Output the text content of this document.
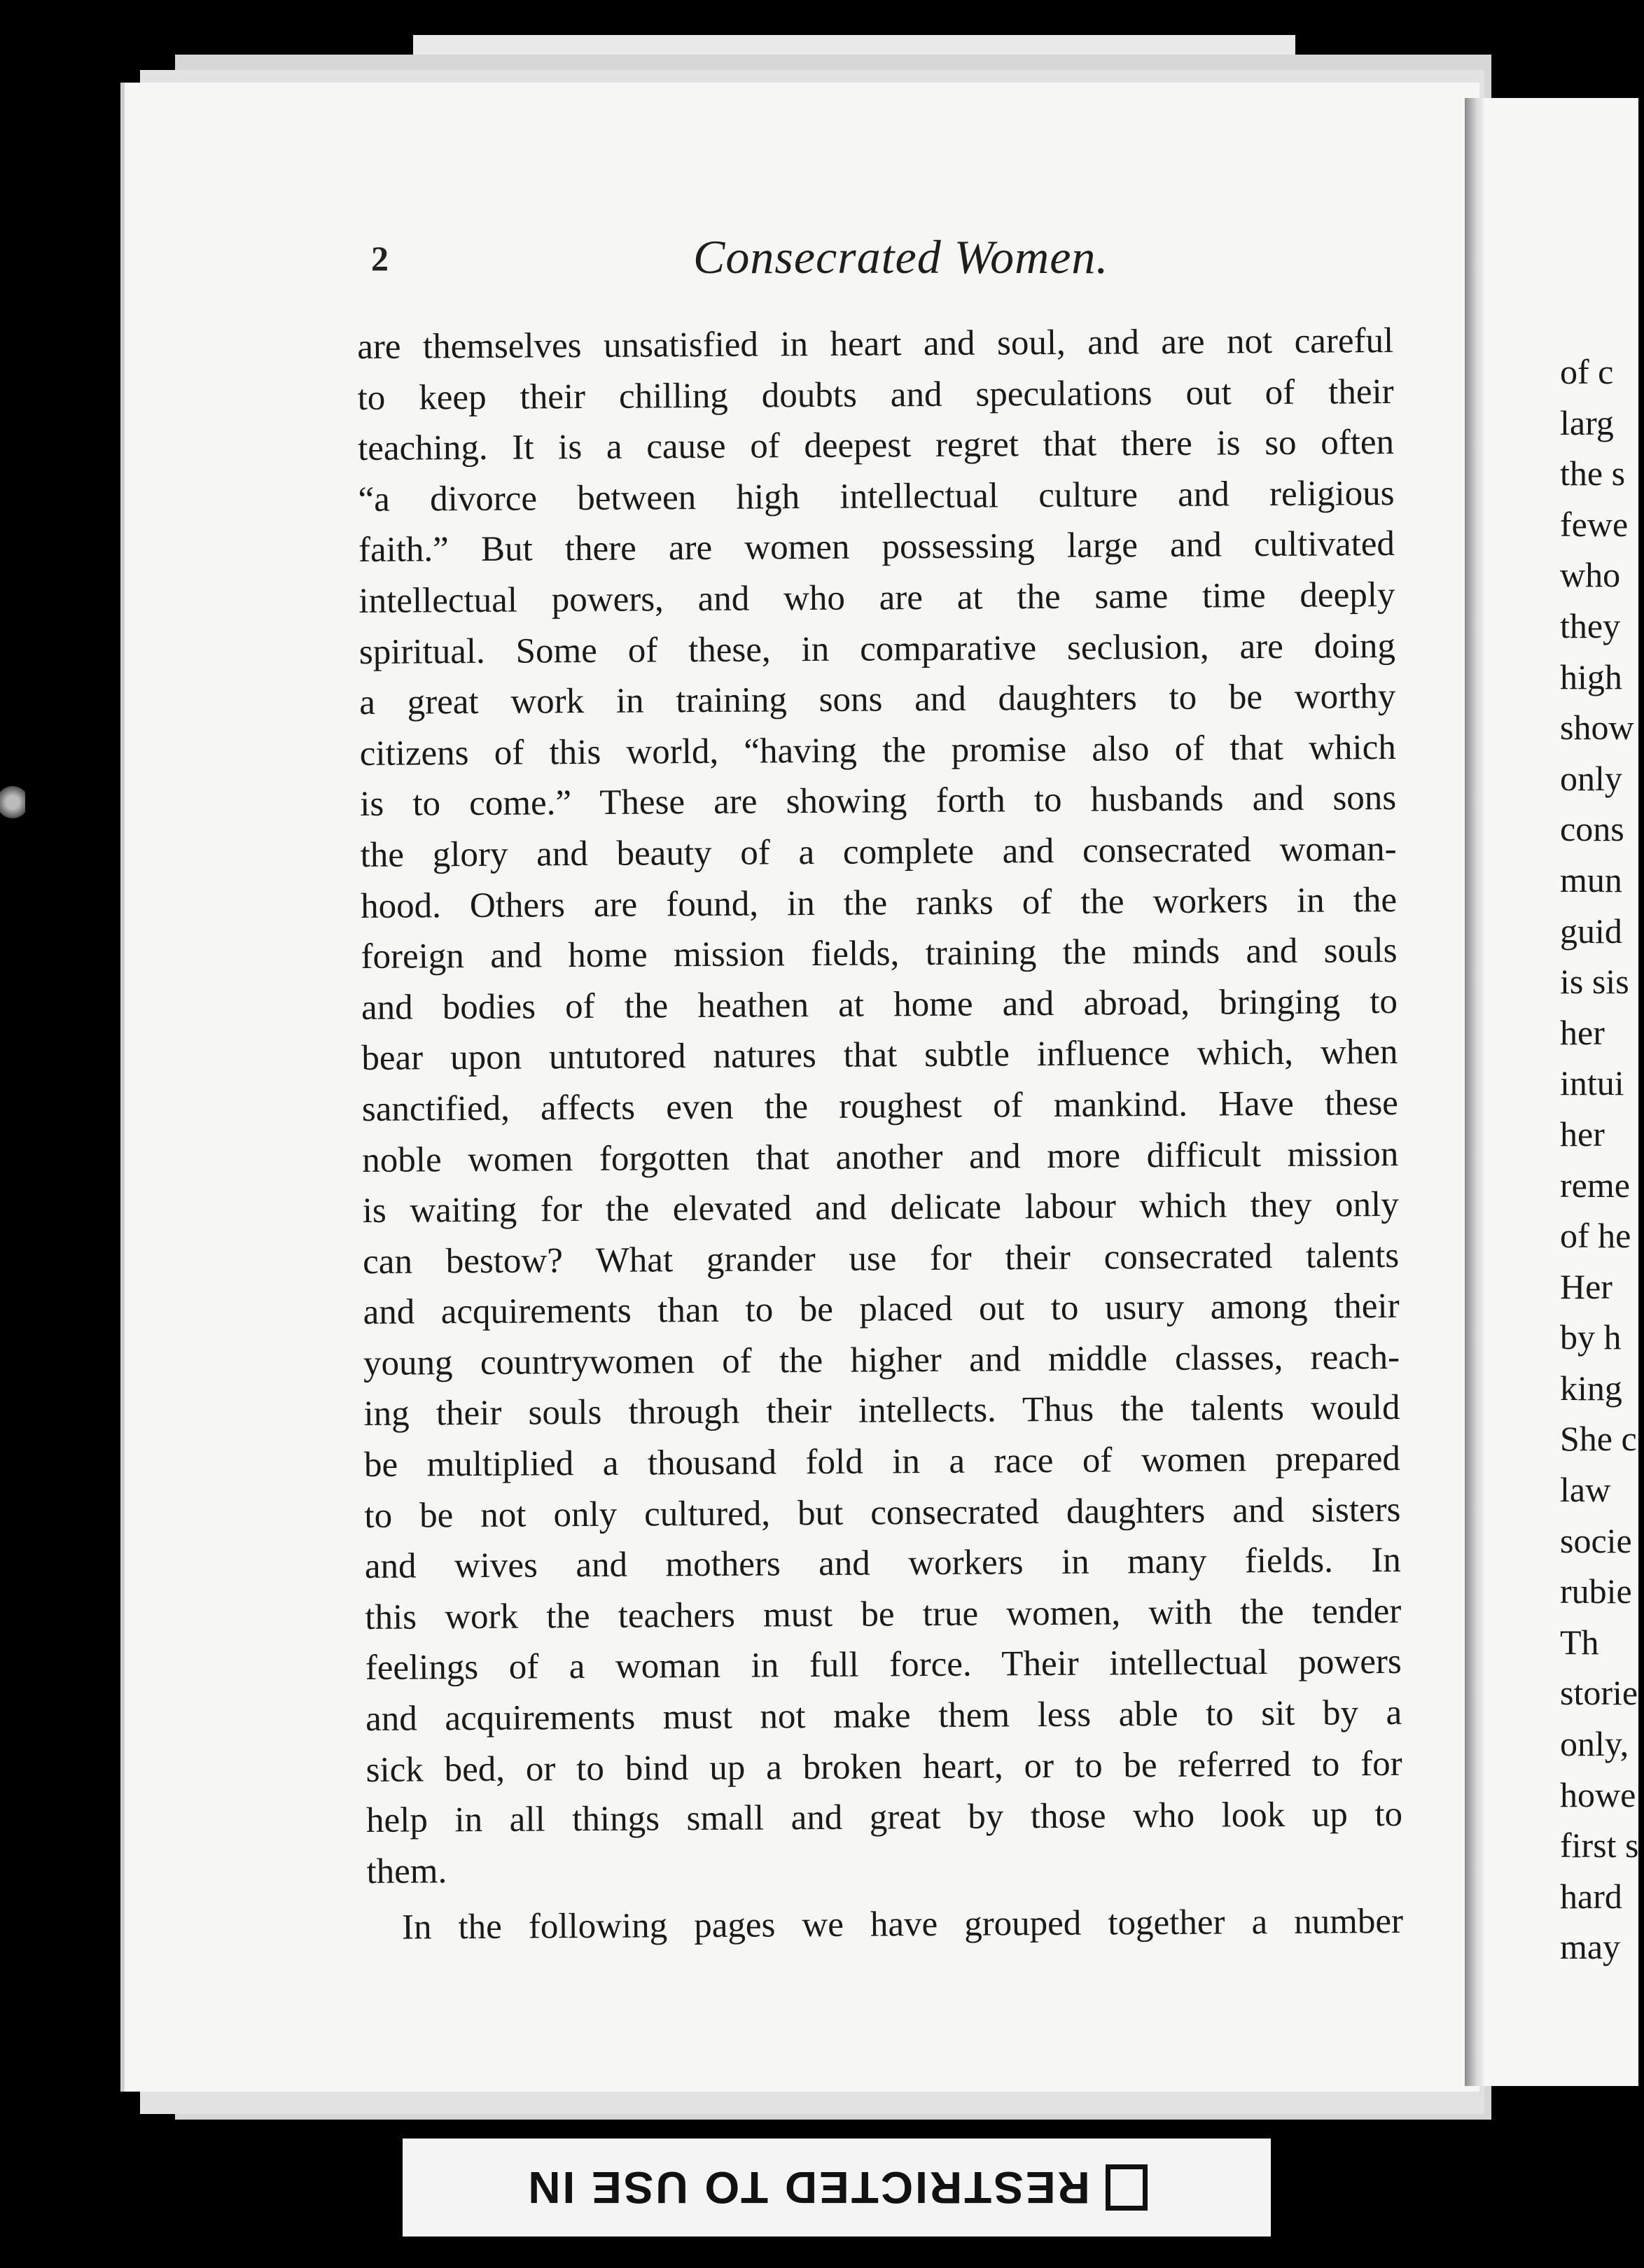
2	Consecrated Women.
are themselves unsatisfied in heart and soul, and are not careful
to keep their chilling doubts and speculations out of their
teaching. It is a cause of deepest regret that there is so often
“a divorce between high intellectual culture and religious
faith.” But there are women possessing large and cultivated
intellectual powers, and who are at the same time deeply
spiritual. Some of these, in comparative seclusion, are doing
a great work in training sons and daughters to be worthy
citizens of this world, “having the promise also of that which
is to come.” These are showing forth to husbands and sons
the glory and beauty of a complete and consecrated woman-
hood. Others are found, in the ranks of the workers in the
foreign and home mission fields, training the minds and souls
and bodies of the heathen at home and abroad, bringing to
bear upon untutored natures that subtle influence which, when
sanctified, affects even the roughest of mankind. Have these
noble women forgotten that another and more difficult mission
is waiting for the elevated and delicate labour which they only
can bestow? What grander use for their consecrated talents
and acquirements than to be placed out to usury among their
young countrywomen of the higher and middle classes, reach-
ing their souls through their intellects. Thus the talents would
be multiplied a thousand fold in a race of women prepared
to be not only cultured, but consecrated daughters and sisters
and wives and mothers and workers in many fields. In
this work the teachers must be true women, with the tender
feelings of a woman in full force. Their intellectual powers
and acquirements must not make them less able to sit by a
sick bed, or to bind up a broken heart, or to be referred to for
help in all things small and great by those who look up to
them.
In the following pages we have grouped together a number
of c
larg
the s
fewe
who
they
high
show
only
cons
mun
guid
is sis
her
intui
her
reme
of he
Her
by h
king
She c
law
socie
rubie
Th
storie
only,
howe
first s
hard
may
RESTRICTED TO USE IN
